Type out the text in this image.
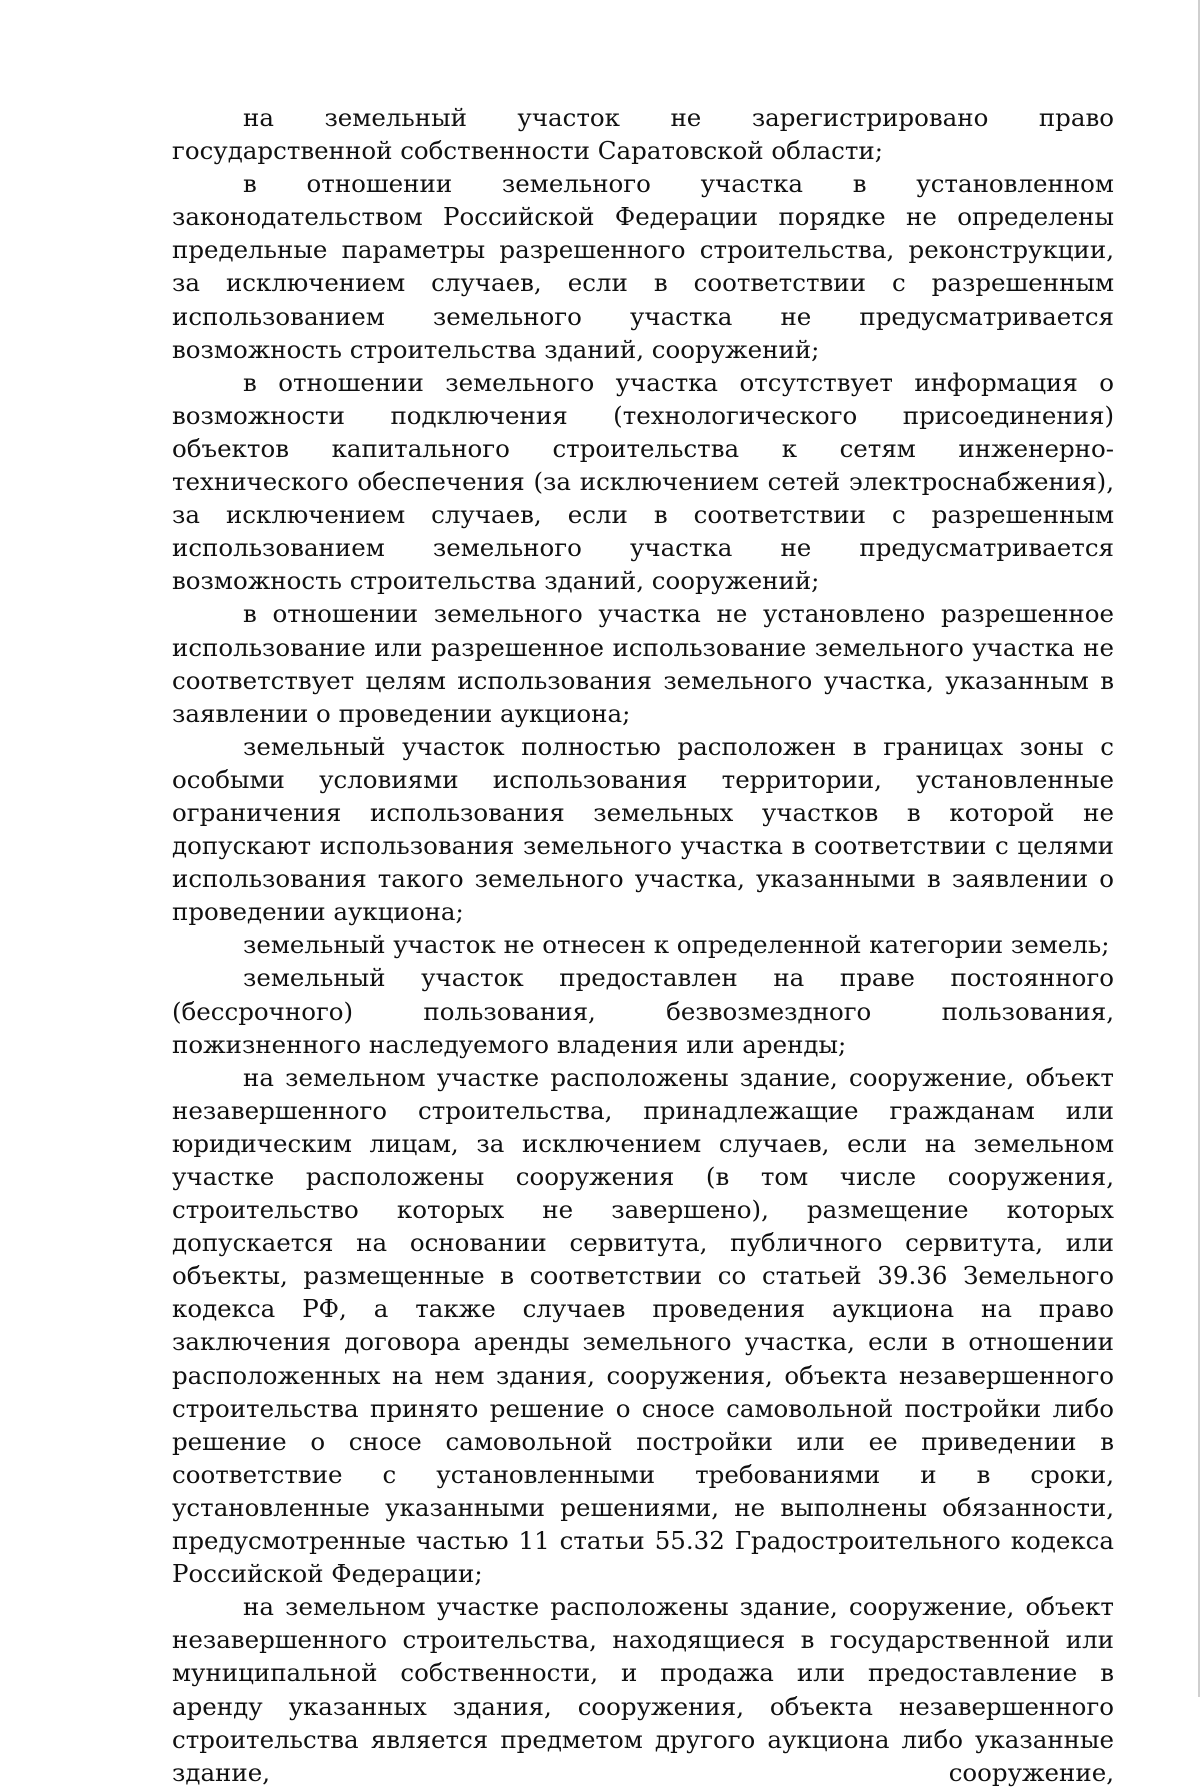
на земельный участок не зарегистрировано право государственной собственности Саратовской области;

в отношении земельного участка в установленном законодательством Российской Федерации порядке не определены предельные параметры разрешенного строительства, реконструкции, за исключением случаев, если в соответствии с разрешенным использованием земельного участка не предусматривается возможность строительства зданий, сооружений;

в отношении земельного участка отсутствует информация о возможности подключения (технологического присоединения) объектов капитального строительства к сетям инженерно-технического обеспечения (за исключением сетей электроснабжения), за исключением случаев, если в соответствии с разрешенным использованием земельного участка не предусматривается возможность строительства зданий, сооружений;

в отношении земельного участка не установлено разрешенное использование или разрешенное использование земельного участка не соответствует целям использования земельного участка, указанным в заявлении о проведении аукциона;

земельный участок полностью расположен в границах зоны с особыми условиями использования территории, установленные ограничения использования земельных участков в которой не допускают использования земельного участка в соответствии с целями использования такого земельного участка, указанными в заявлении о проведении аукциона;

земельный участок не отнесен к определенной категории земель;

земельный участок предоставлен на праве постоянного (бессрочного) пользования, безвозмездного пользования, пожизненного наследуемого владения или аренды;

на земельном участке расположены здание, сооружение, объект незавершенного строительства, принадлежащие гражданам или юридическим лицам, за исключением случаев, если на земельном участке расположены сооружения (в том числе сооружения, строительство которых не завершено), размещение которых допускается на основании сервитута, публичного сервитута, или объекты, размещенные в соответствии со статьей 39.36 Земельного кодекса РФ, а также случаев проведения аукциона на право заключения договора аренды земельного участка, если в отношении расположенных на нем здания, сооружения, объекта незавершенного строительства принято решение о сносе самовольной постройки либо решение о сносе самовольной постройки или ее приведении в соответствие с установленными требованиями и в сроки, установленные указанными решениями, не выполнены обязанности, предусмотренные частью 11 статьи 55.32 Градостроительного кодекса Российской Федерации;

на земельном участке расположены здание, сооружение, объект незавершенного строительства, находящиеся в государственной или муниципальной собственности, и продажа или предоставление в аренду указанных здания, сооружения, объекта незавершенного строительства является предметом другого аукциона либо указанные здание, сооружение,
